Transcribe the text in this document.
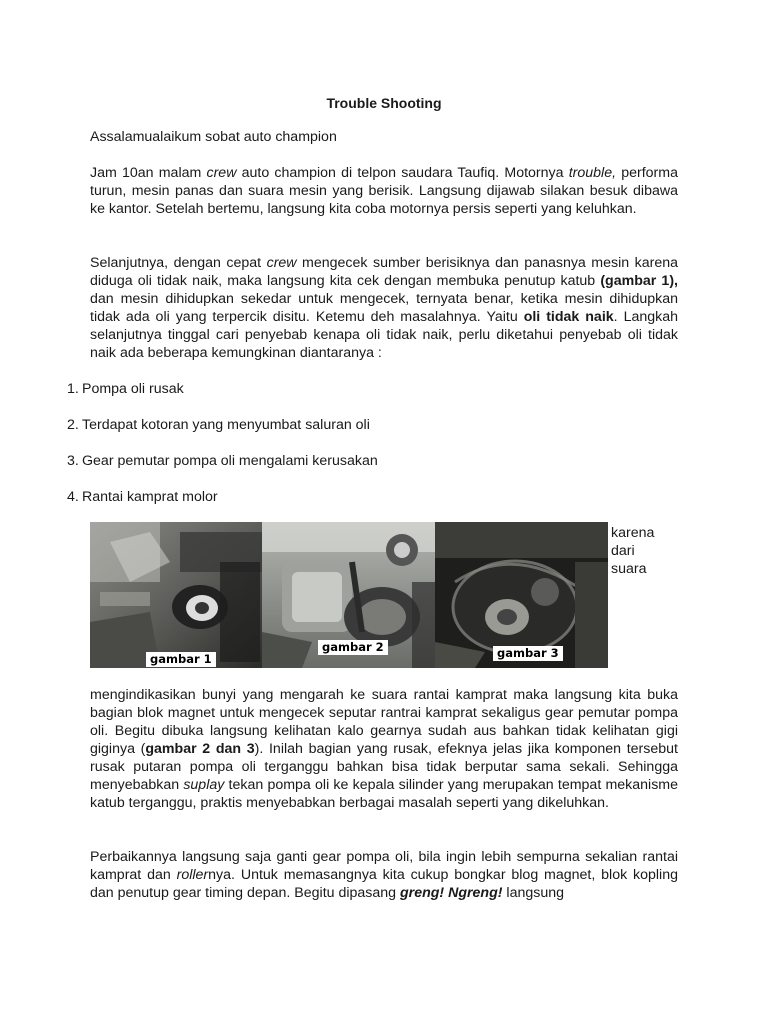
Trouble Shooting

Assalamualaikum sobat auto champion

Jam 10an malam crew auto champion di telpon saudara Taufiq. Motornya trouble, performa turun, mesin panas dan suara mesin yang berisik. Langsung dijawab silakan besuk dibawa ke kantor. Setelah bertemu, langsung kita coba motornya persis seperti yang keluhkan.

Selanjutnya, dengan cepat crew mengecek sumber berisiknya dan panasnya mesin karena diduga oli tidak naik, maka langsung kita cek dengan membuka penutup katub (gambar 1), dan mesin dihidupkan sekedar untuk mengecek, ternyata benar, ketika mesin dihidupkan tidak ada oli yang terpercik disitu. Ketemu deh masalahnya. Yaitu oli tidak naik. Langkah selanjutnya tinggal cari penyebab kenapa oli tidak naik, perlu diketahui penyebab oli tidak naik ada beberapa kemungkinan diantaranya :

1. Pompa oli rusak

2. Terdapat kotoran yang menyumbat saluran oli

3. Gear pemutar pompa oli mengalami kerusakan

4. Rantai kamprat molor

gambar 1
gambar 2	gambar 3
karena
dari
suara

mengindikasikan bunyi yang mengarah ke suara rantai kamprat maka langsung kita buka bagian blok magnet untuk mengecek seputar rantrai kamprat sekaligus gear pemutar pompa oli. Begitu dibuka langsung kelihatan kalo gearnya sudah aus bahkan tidak kelihatan gigi giginya (gambar 2 dan 3). Inilah bagian yang rusak, efeknya jelas jika komponen tersebut rusak putaran pompa oli terganggu bahkan bisa tidak berputar sama sekali. Sehingga menyebabkan suplay tekan pompa oli ke kepala silinder yang merupakan tempat mekanisme katub terganggu, praktis menyebabkan berbagai masalah seperti yang dikeluhkan.

Perbaikannya langsung saja ganti gear pompa oli, bila ingin lebih sempurna sekalian rantai kamprat dan rollernya. Untuk memasangnya kita cukup bongkar blog magnet, blok kopling dan penutup gear timing depan. Begitu dipasang greng! Ngreng! langsung
